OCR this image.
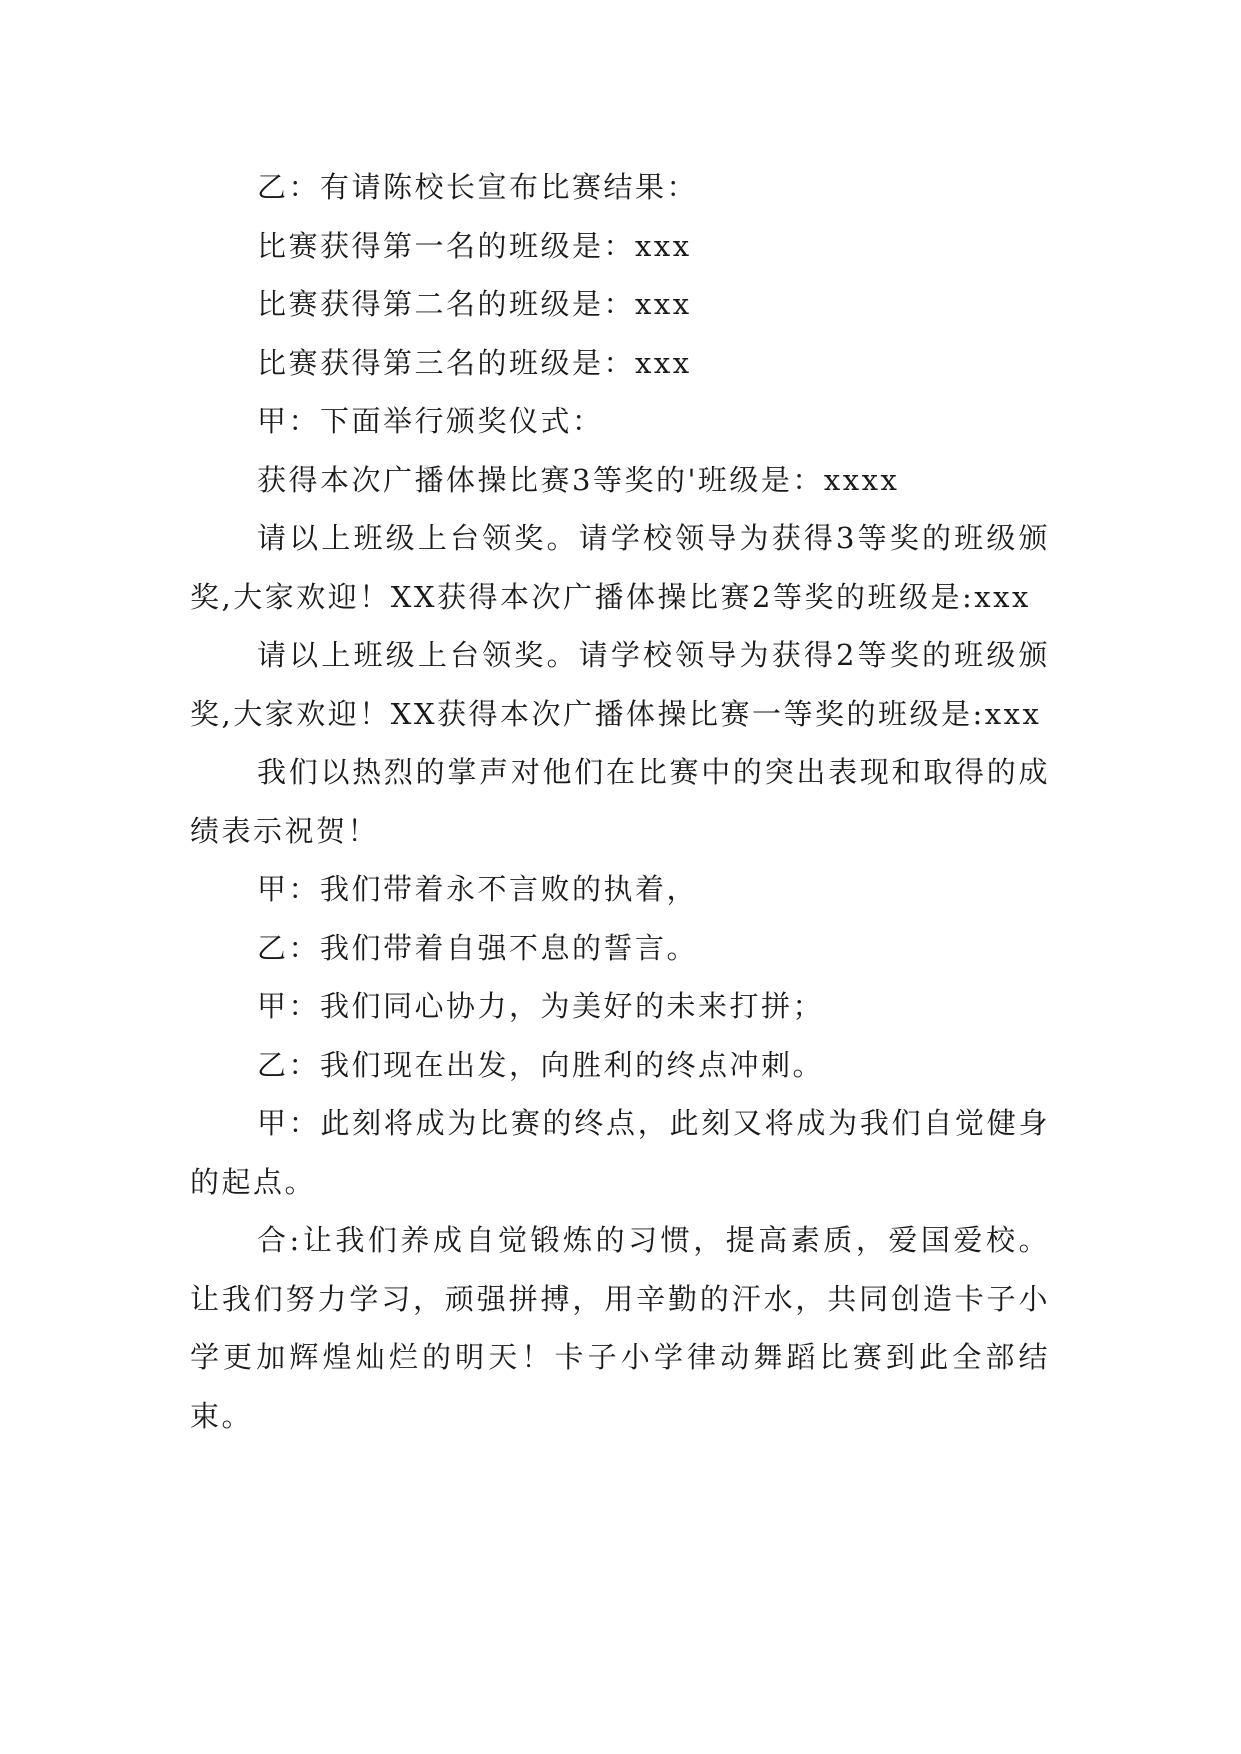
乙：有请陈校长宣布比赛结果：

比赛获得第一名的班级是：xxx

比赛获得第二名的班级是：xxx

比赛获得第三名的班级是：xxx

甲：下面举行颁奖仪式：

获得本次广播体操比赛3等奖的'班级是：xxxx

请以上班级上台领奖。请学校领导为获得3等奖的班级颁奖,大家欢迎！XX获得本次广播体操比赛2等奖的班级是:xxx

请以上班级上台领奖。请学校领导为获得2等奖的班级颁奖,大家欢迎！XX获得本次广播体操比赛一等奖的班级是:xxx

我们以热烈的掌声对他们在比赛中的突出表现和取得的成绩表示祝贺！

甲：我们带着永不言败的执着，

乙：我们带着自强不息的誓言。

甲：我们同心协力，为美好的未来打拼；

乙：我们现在出发，向胜利的终点冲刺。

甲：此刻将成为比赛的终点，此刻又将成为我们自觉健身的起点。

合:让我们养成自觉锻炼的习惯，提高素质，爱国爱校。让我们努力学习，顽强拼搏，用辛勤的汗水，共同创造卡子小学更加辉煌灿烂的明天！卡子小学律动舞蹈比赛到此全部结束。
